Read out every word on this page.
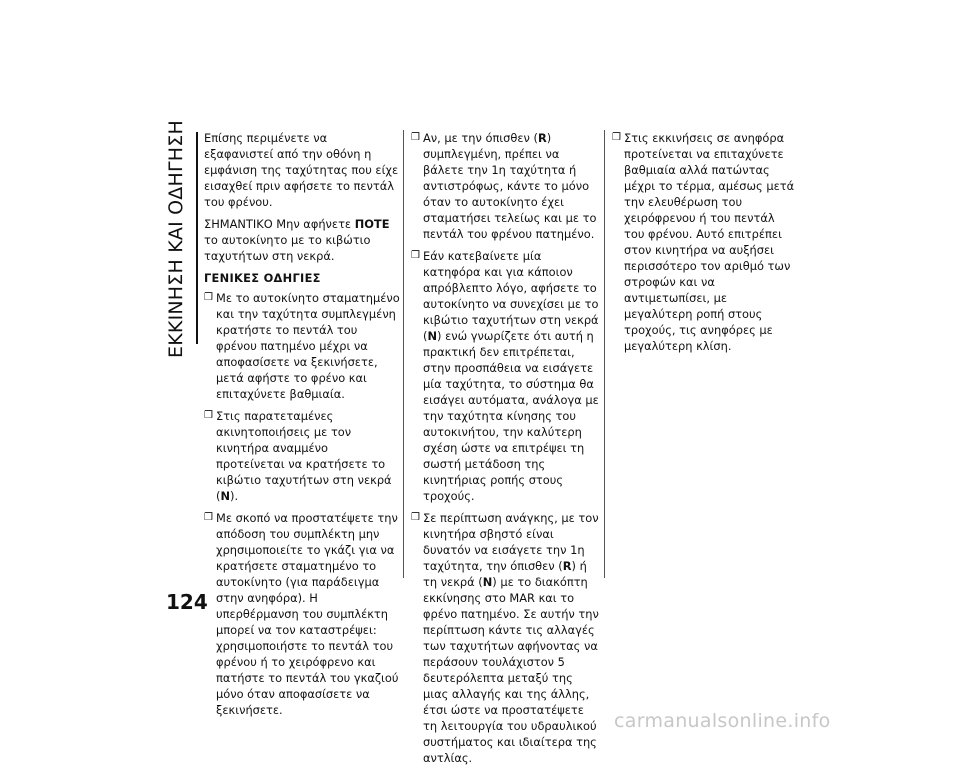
ΕΚΚΙΝΗΣΗ ΚΑΙ ΟΔΗΓΗΣΗ Επίσης περιμένετε να εξαφανιστεί από την οθόνη η εμφάνιση της ταχύτητας που είχε εισαχθεί πριν αφήσετε το πεντάλ του φρένου.

ΣΗΜΑΝΤΙΚΟ Μην αφήνετε ΠΟΤΕ το αυτοκίνητο με το κιβώτιο ταχυτήτων στη νεκρά.

ΓΕΝΙΚΕΣ ΟΔΗΓΙΕΣ
❒ Με το αυτοκίνητο σταματημένο και την ταχύτητα συμπλεγμένη κρατήστε το πεντάλ του φρένου πατημένο μέχρι να αποφασίσετε να ξεκινήσετε, μετά αφήστε το φρένο και επιταχύνετε βαθμιαία.
❒ Στις παρατεταμένες ακινητοποιήσεις με τον κινητήρα αναμμένο προτείνεται να κρατήσετε το κιβώτιο ταχυτήτων στη νεκρά (N).
❒ Με σκοπό να προστατέψετε την απόδοση του συμπλέκτη μην χρησιμοποιείτε το γκάζι για να κρατήσετε σταματημένο το αυτοκίνητο (για παράδειγμα στην ανηφόρα). Η υπερθέρμανση του συμπλέκτη μπορεί να τον καταστρέψει: χρησιμοποιήστε το πεντάλ του φρένου ή το χειρόφρενο και πατήστε το πεντάλ του γκαζιού μόνο όταν αποφασίσετε να ξεκινήσετε.
❒ Αν, με την όπισθεν (R) συμπλεγμένη, πρέπει να βάλετε την 1η ταχύτητα ή αντιστρόφως, κάντε το μόνο όταν το αυτοκίνητο έχει σταματήσει τελείως και με το πεντάλ του φρένου πατημένο.
❒ Εάν κατεβαίνετε μία κατηφόρα και για κάποιον απρόβλεπτο λόγο, αφήσετε το αυτοκίνητο να συνεχίσει με το κιβώτιο ταχυτήτων στη νεκρά (N) ενώ γνωρίζετε ότι αυτή η πρακτική δεν επιτρέπεται, στην προσπάθεια να εισάγετε μία ταχύτητα, το σύστημα θα εισάγει αυτόματα, ανάλογα με την ταχύτητα κίνησης του αυτοκινήτου, την καλύτερη σχέση ώστε να επιτρέψει τη σωστή μετάδοση της κινητήριας ροπής στους τροχούς.
❒ Σε περίπτωση ανάγκης, με τον κινητήρα σβηστό είναι δυνατόν να εισάγετε την 1η ταχύτητα, την όπισθεν (R) ή τη νεκρά (N) με το διακόπτη εκκίνησης στο MAR και το φρένο πατημένο. Σε αυτήν την περίπτωση κάντε τις αλλαγές των ταχυτήτων αφήνοντας να περάσουν τουλάχιστον 5 δευτερόλεπτα μεταξύ της μιας αλλαγής και της άλλης, έτσι ώστε να προστατέψετε τη λειτουργία του υδραυλικού συστήματος και ιδιαίτερα της αντλίας.
❒ Στις εκκινήσεις σε ανηφόρα προτείνεται να επιταχύνετε βαθμιαία αλλά πατώντας μέχρι το τέρμα, αμέσως μετά την ελευθέρωση του χειρόφρενου ή του πεντάλ του φρένου. Αυτό επιτρέπει στον κινητήρα να αυξήσει περισσότερο τον αριθμό των στροφών και να αντιμετωπίσει, με μεγαλύτερη ροπή στους τροχούς, τις ανηφόρες με μεγαλύτερη κλίση.
124
carmanualsonline.info
